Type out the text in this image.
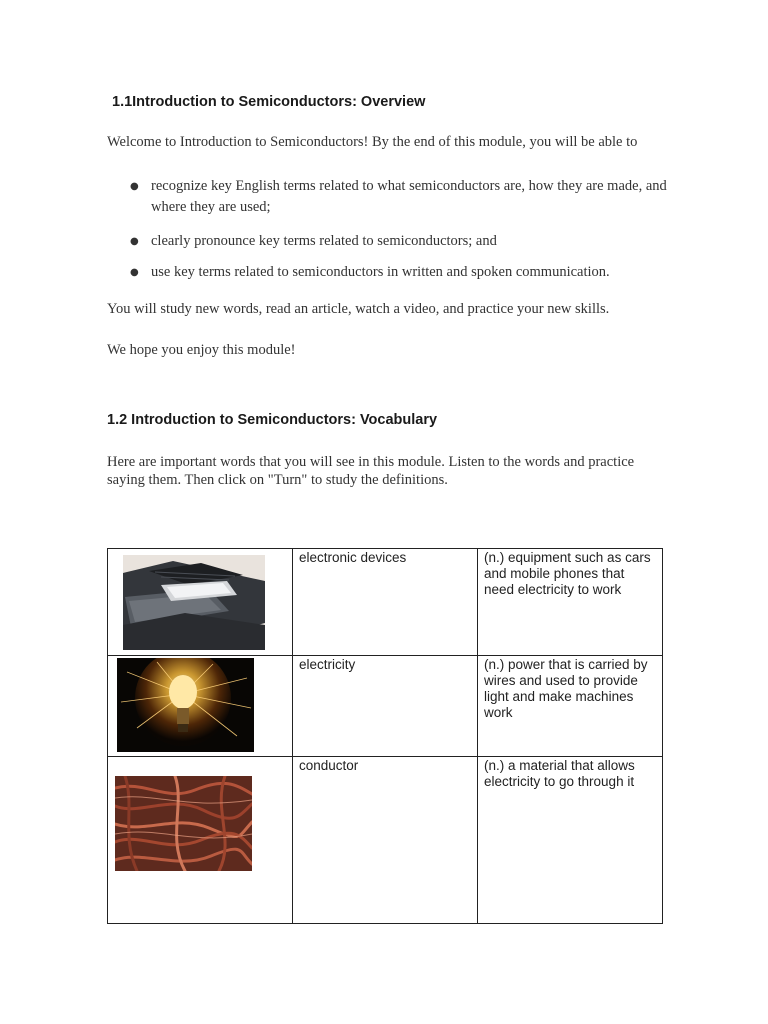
1.1Introduction to Semiconductors: Overview

Welcome to Introduction to Semiconductors! By the end of this module, you will be able to

● recognize key English terms related to what semiconductors are, how they are made, and where they are used;
● clearly pronounce key terms related to semiconductors; and
● use key terms related to semiconductors in written and spoken communication.

You will study new words, read an article, watch a video, and practice your new skills.

We hope you enjoy this module!

1.2 Introduction to Semiconductors: Vocabulary

Here are important words that you will see in this module. Listen to the words and practice saying them. Then click on "Turn" to study the definitions.

	electronic devices	(n.) equipment such as cars and mobile phones that need electricity to work

	electricity	(n.) power that is carried by wires and used to provide light and make machines work

	conductor	(n.) a material that allows electricity to go through it
